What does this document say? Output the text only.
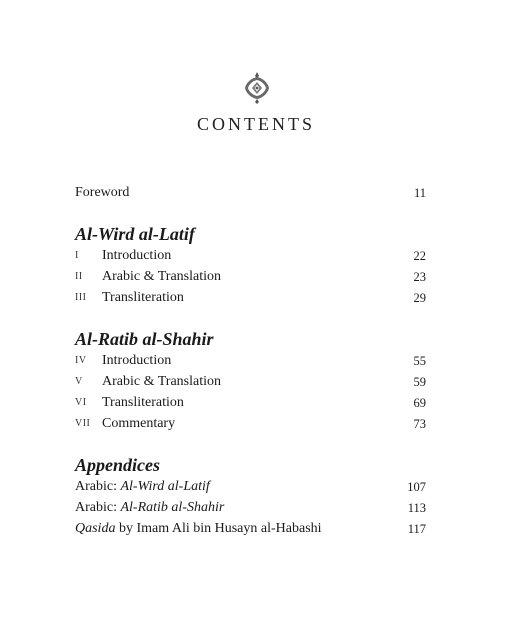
CONTENTS
Foreword	11
Al-Wird al-Latif
I Introduction	22
II Arabic & Translation	23
III Transliteration	29
Al-Ratib al-Shahir
IV Introduction	55
V Arabic & Translation	59
VI Transliteration	69
VII Commentary	73
Appendices
Arabic: Al-Wird al-Latif	107
Arabic: Al-Ratib al-Shahir	113
Qasida by Imam Ali bin Husayn al-Habashi	117
